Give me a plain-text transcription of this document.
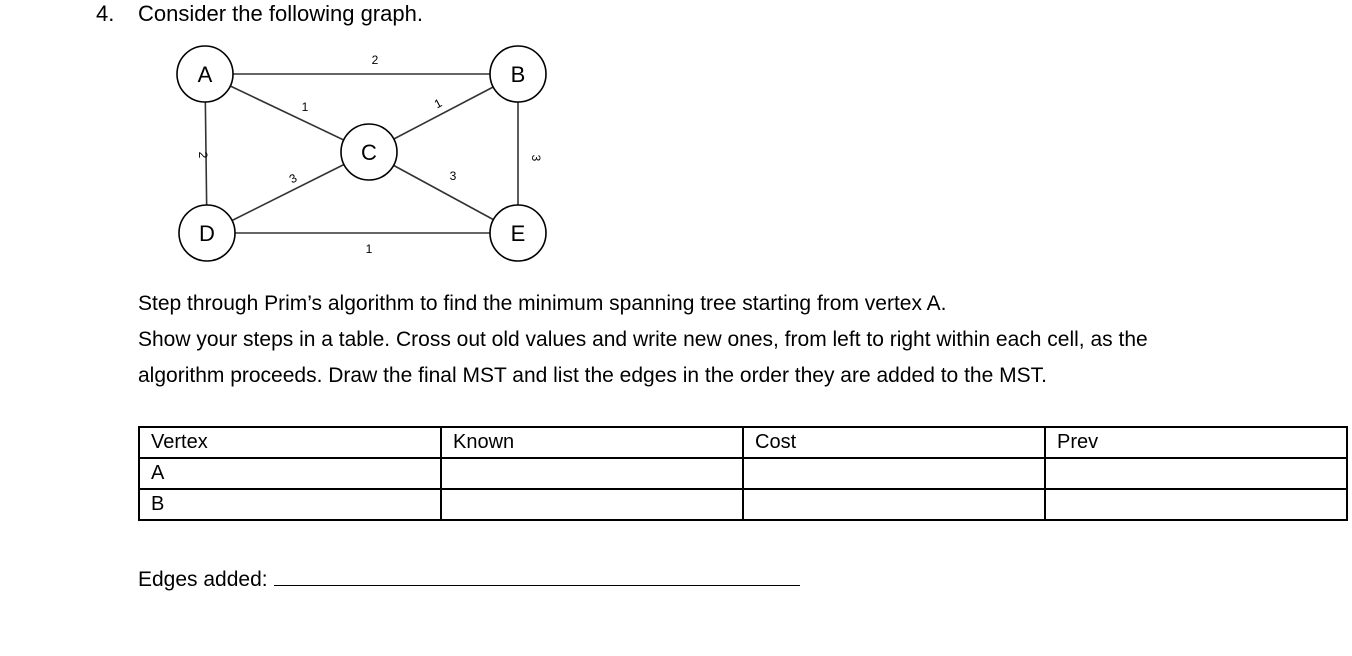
4. Consider the following graph.
2
1	1
2	3
3	3
1
A	B
C
D	E

Step through Prim’s algorithm to find the minimum spanning tree starting from vertex A.

Show your steps in a table. Cross out old values and write new ones, from left to right within each cell, as the

algorithm proceeds. Draw the final MST and list the edges in the order they are added to the MST.

Vertex	Known	Cost	Prev
A			
B			
Edges added:
